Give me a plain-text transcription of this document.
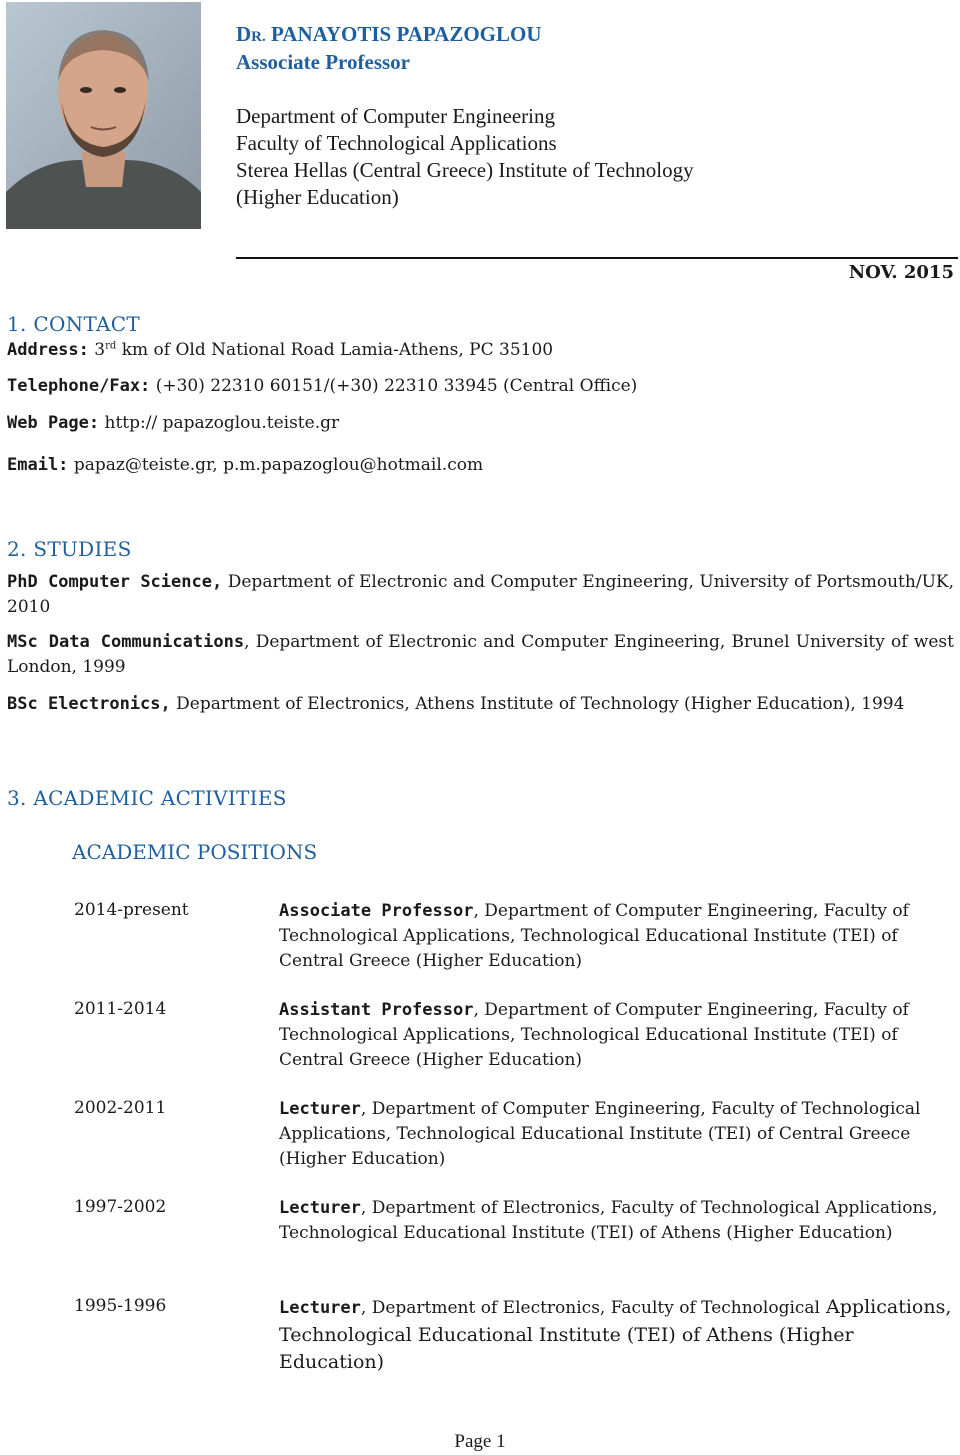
DR. PANAYOTIS PAPAZOGLOU
Associate Professor
Department of Computer Engineering
Faculty of Technological Applications
Sterea Hellas (Central Greece) Institute of Technology
(Higher Education)
NOV. 2015
1. CONTACT
Address: 3rd km of Old National Road Lamia-Athens, PC 35100
Telephone/Fax: (+30) 22310 60151/(+30) 22310 33945 (Central Office)
Web Page: http:// papazoglou.teiste.gr
Email: papaz@teiste.gr, p.m.papazoglou@hotmail.com
2. STUDIES
PhD Computer Science, Department of Electronic and Computer Engineering, University of Portsmouth/UK, 2010
MSc Data Communications, Department of Electronic and Computer Engineering, Brunel University of west London, 1999
BSc Electronics, Department of Electronics, Athens Institute of Technology (Higher Education), 1994
3. ACADEMIC ACTIVITIES
ACADEMIC POSITIONS
2014-present	Associate Professor, Department of Computer Engineering, Faculty of Technological Applications, Technological Educational Institute (TEI) of Central Greece (Higher Education)
2011-2014	Assistant Professor, Department of Computer Engineering, Faculty of Technological Applications, Technological Educational Institute (TEI) of Central Greece (Higher Education)
2002-2011	Lecturer, Department of Computer Engineering, Faculty of Technological Applications, Technological Educational Institute (TEI) of Central Greece (Higher Education)
1997-2002	Lecturer, Department of Electronics, Faculty of Technological Applications, Technological Educational Institute (TEI) of Athens (Higher Education)
1995-1996	Lecturer, Department of Electronics, Faculty of Technological Applications, Technological Educational Institute (TEI) of Athens (Higher Education)
Page 1
